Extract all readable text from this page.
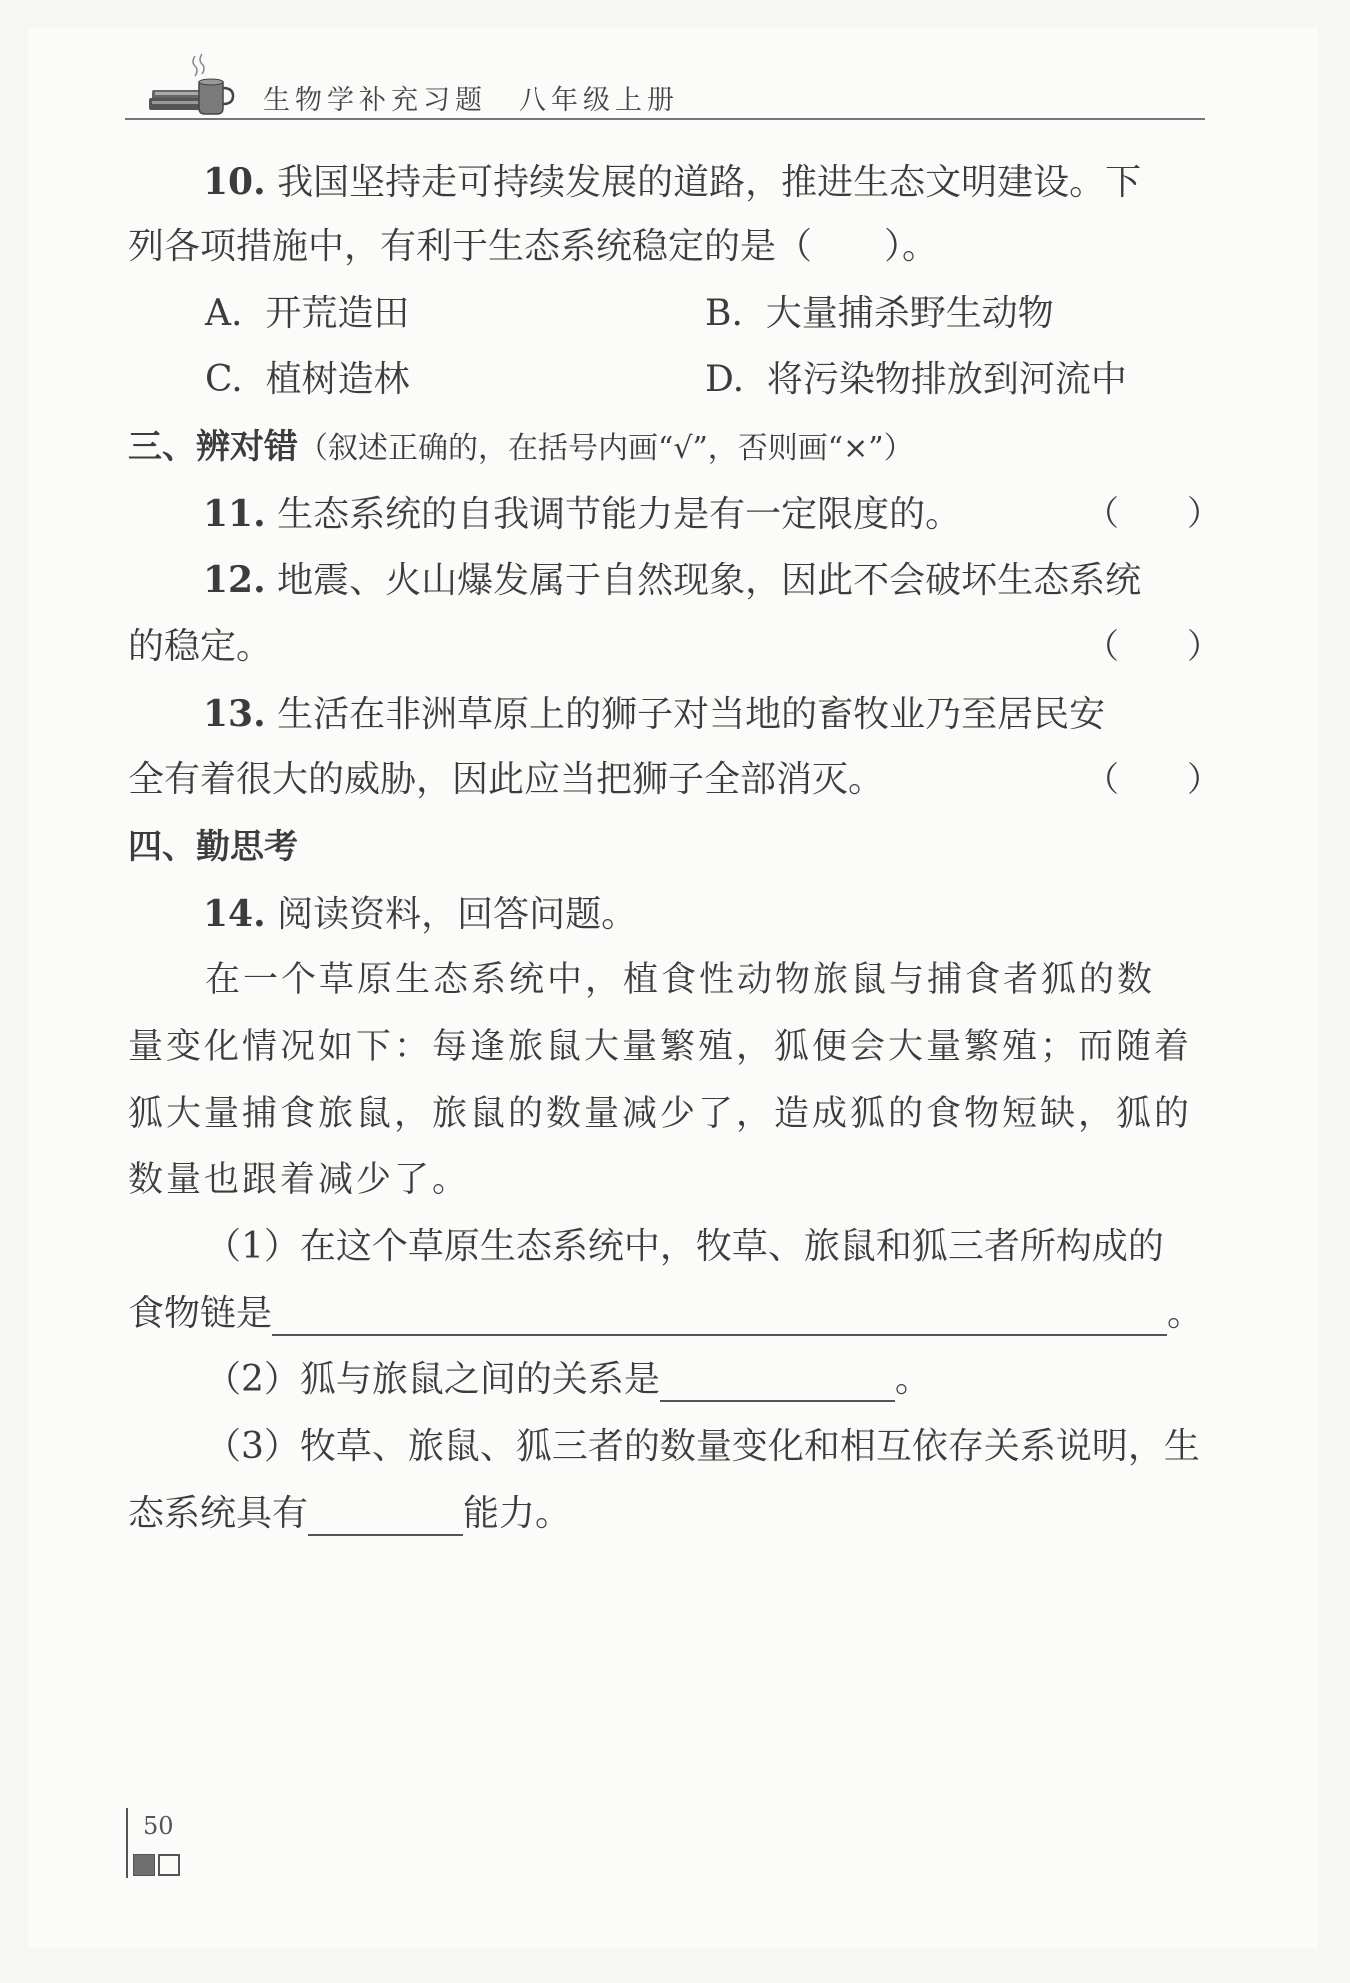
生物学补充习题　八年级上册
10. 我国坚持走可持续发展的道路，推进生态文明建设。下
列各项措施中，有利于生态系统稳定的是（　　）。
A. 开荒造田	B. 大量捕杀野生动物
C. 植树造林	D. 将污染物排放到河流中
三、辨对错（叙述正确的，在括号内画“√”，否则画“×”）
11. 生态系统的自我调节能力是有一定限度的。	（　　）
12. 地震、火山爆发属于自然现象，因此不会破坏生态系统
的稳定。	（　　）
13. 生活在非洲草原上的狮子对当地的畜牧业乃至居民安
全有着很大的威胁，因此应当把狮子全部消灭。	（　　）
四、勤思考
14. 阅读资料，回答问题。
在一个草原生态系统中，植食性动物旅鼠与捕食者狐的数
量变化情况如下：每逢旅鼠大量繁殖，狐便会大量繁殖；而随着
狐大量捕食旅鼠，旅鼠的数量减少了，造成狐的食物短缺，狐的
数量也跟着减少了。
（1）在这个草原生态系统中，牧草、旅鼠和狐三者所构成的
食物链是	。
（2）狐与旅鼠之间的关系是	。
（3）牧草、旅鼠、狐三者的数量变化和相互依存关系说明，生
态系统具有	能力。
50
